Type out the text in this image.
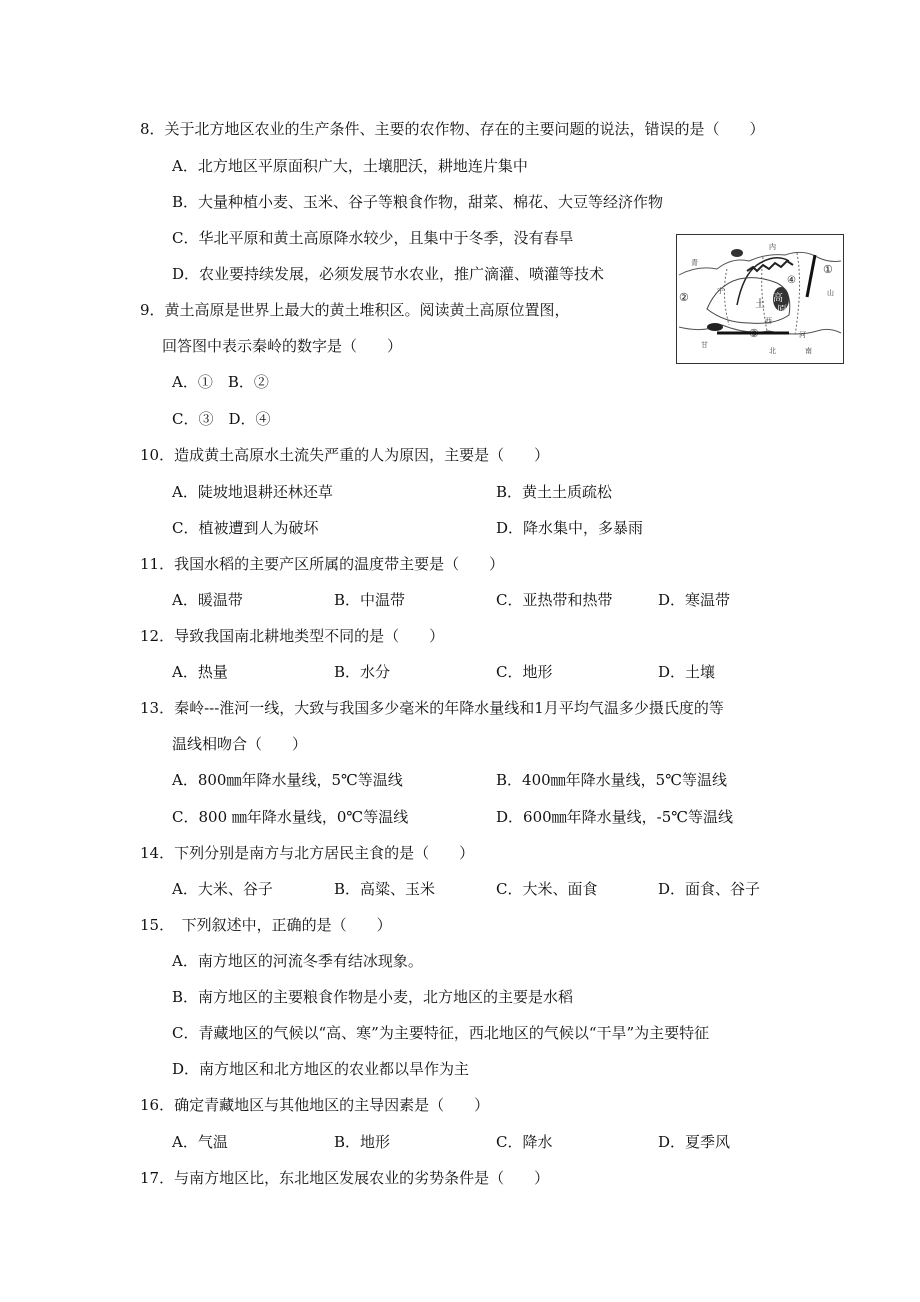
8．关于北方地区农业的生产条件、主要的农作物、存在的主要问题的说法，错误的是（　　）
A．北方地区平原面积广大，土壤肥沃，耕地连片集中
B．大量种植小麦、玉米、谷子等粮食作物，甜菜、棉花、大豆等经济作物
C．华北平原和黄土高原降水较少，且集中于冬季，没有春旱
D．农业要持续发展，必须发展节水农业，推广滴灌、喷灌等技术
9．黄土高原是世界上最大的黄土堆积区。阅读黄土高原位置图，
回答图中表示秦岭的数字是（　　）
A．①　B．②
C．③　D．④
②
①
③
④
土
高
原
内
山
西
河
南
北
宁
甘
青
10．造成黄土高原水土流失严重的人为原因，主要是（　　）
A．陡坡地退耕还林还草	B．黄土土质疏松
C．植被遭到人为破坏	D．降水集中，多暴雨
11．我国水稻的主要产区所属的温度带主要是（　　）
A．暖温带	B．中温带	C．亚热带和热带	D．寒温带
12．导致我国南北耕地类型不同的是（　　）
A．热量	B．水分	C．地形	D．土壤
13．秦岭---淮河一线，大致与我国多少毫米的年降水量线和1月平均气温多少摄氏度的等
温线相吻合（　　）
A．800㎜年降水量线，5℃等温线	B．400㎜年降水量线，5℃等温线
C．800 ㎜年降水量线，0℃等温线	D．600㎜年降水量线，-5℃等温线
14．下列分别是南方与北方居民主食的是（　　）
A．大米、谷子	B．高粱、玉米	C．大米、面食	D．面食、谷子
15．　下列叙述中，正确的是（　　）
A．南方地区的河流冬季有结冰现象。
B．南方地区的主要粮食作物是小麦，北方地区的主要是水稻
C．青藏地区的气候以“高、寒”为主要特征，西北地区的气候以“干旱”为主要特征
D．南方地区和北方地区的农业都以旱作为主
16．确定青藏地区与其他地区的主导因素是（　　）
A．气温	B．地形	C．降水	D．夏季风
17．与南方地区比，东北地区发展农业的劣势条件是（　　）
